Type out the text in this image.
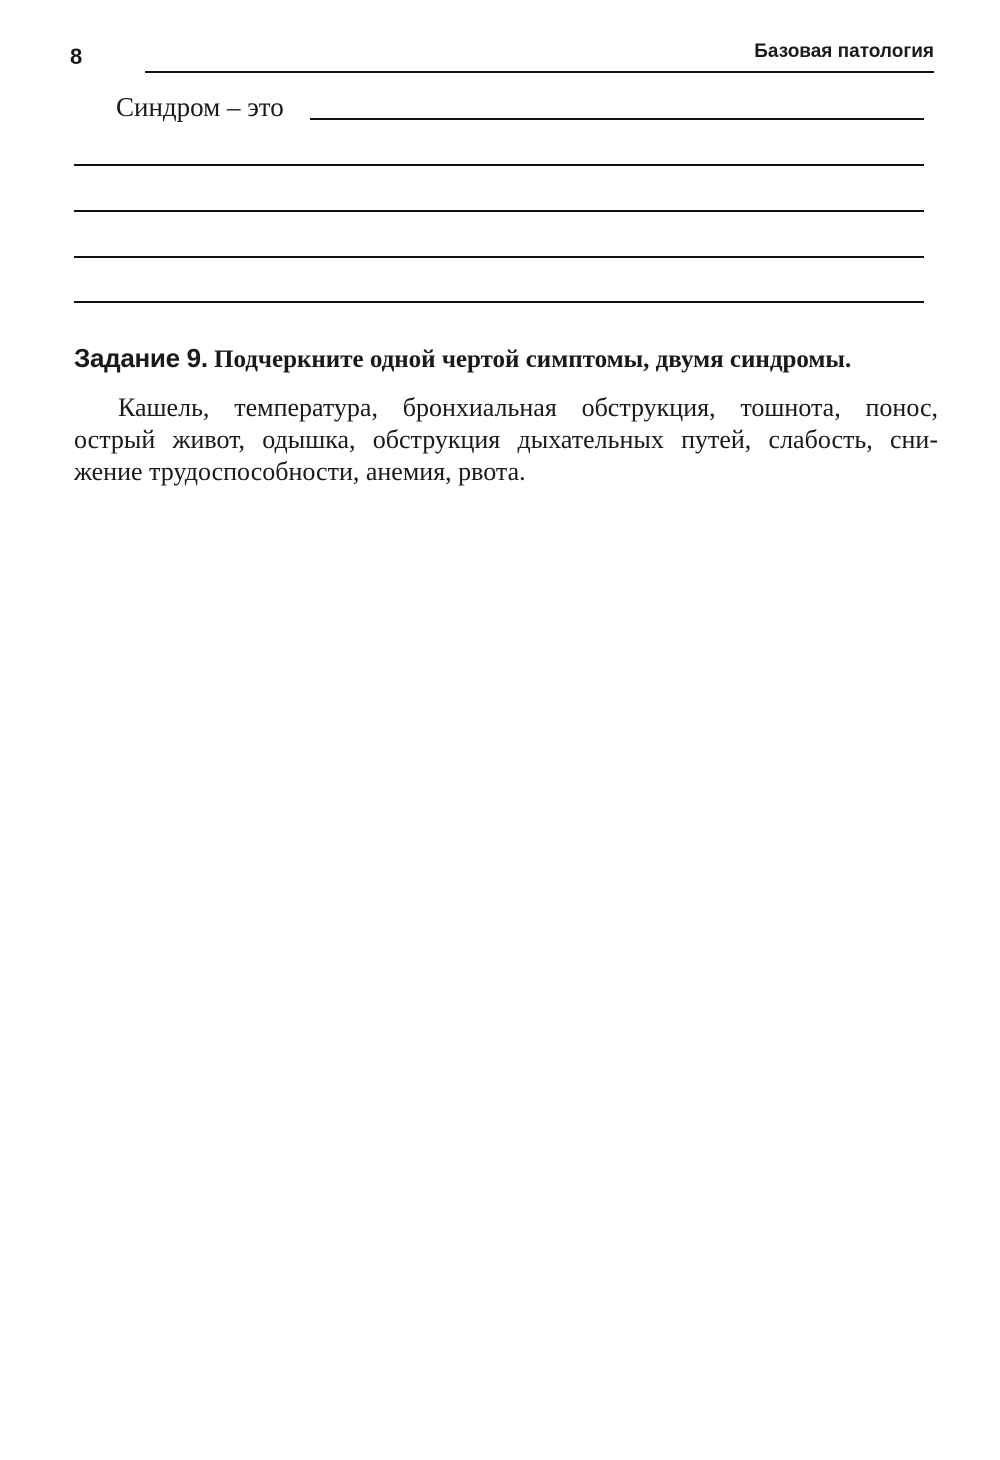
8	Базовая патология
Синдром – это
Задание 9. Подчеркните одной чертой симптомы, двумя синдромы.
Кашель, температура, бронхиальная обструкция, тошнота, понос,
острый живот, одышка, обструкция дыхательных путей, слабость, сни-
жение трудоспособности, анемия, рвота.
